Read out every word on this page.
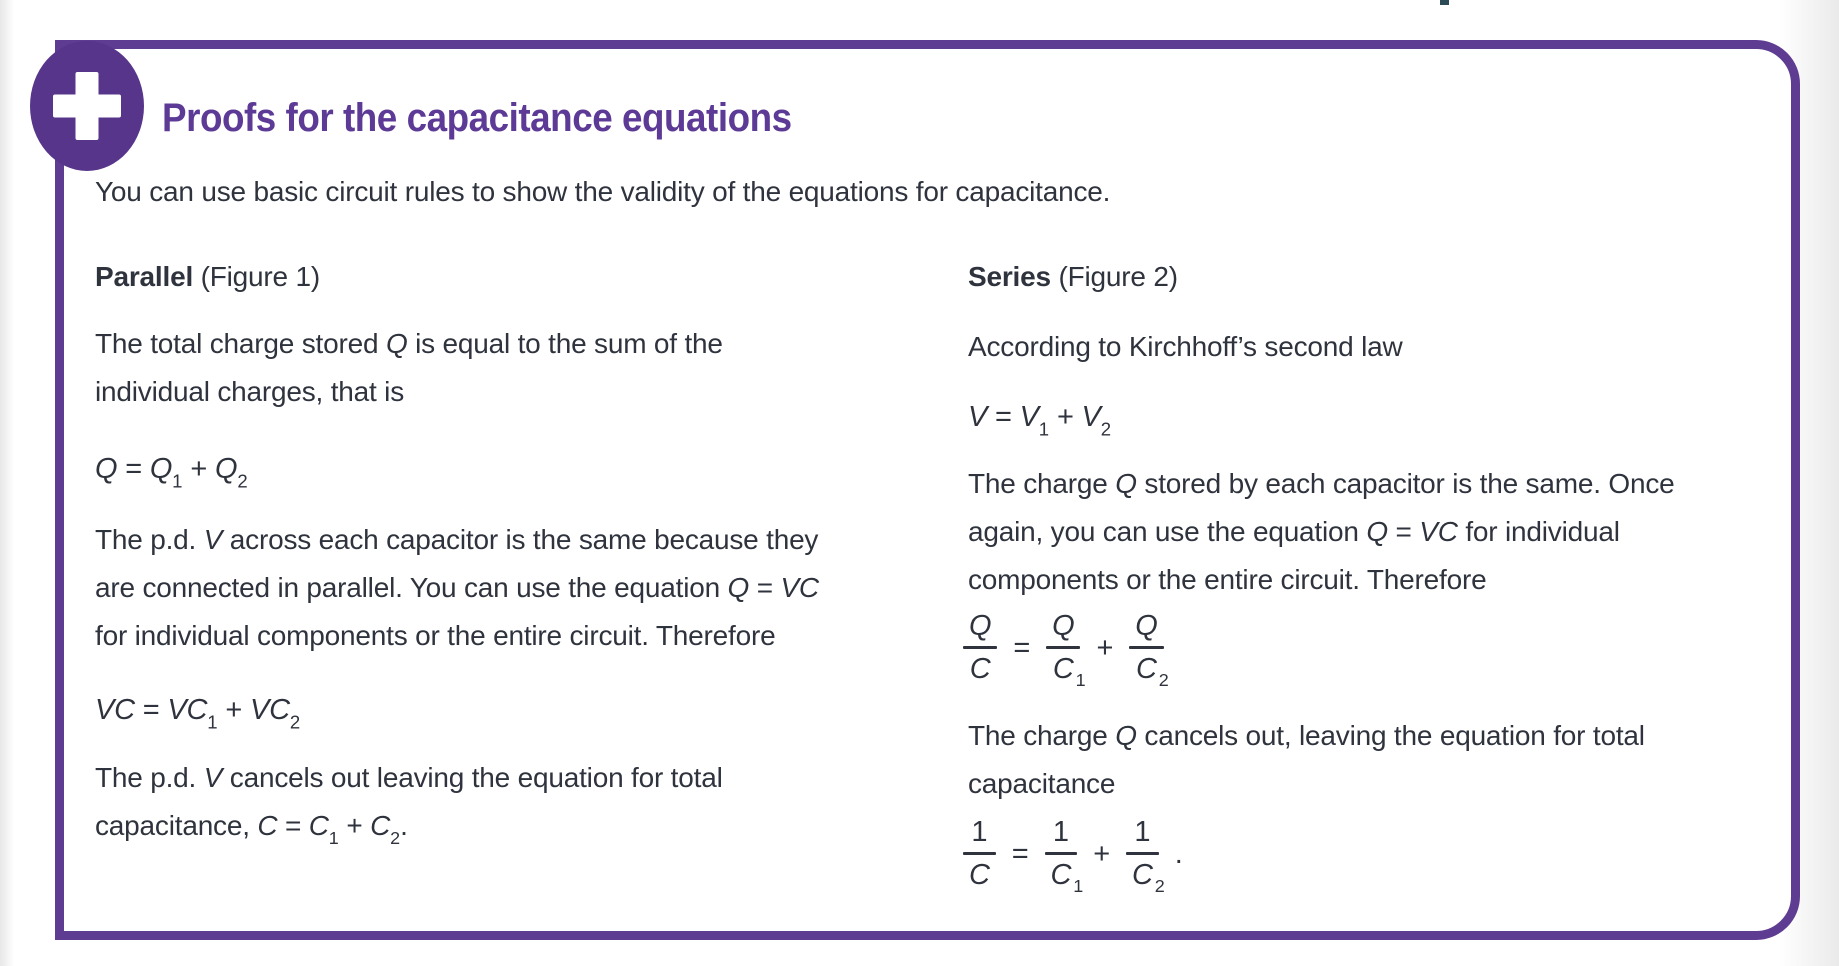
Proofs for the capacitance equations
You can use basic circuit rules to show the validity of the equations for capacitance.
Parallel (Figure 1)
The total charge stored Q is equal to the sum of the
individual charges, that is
$Q = Q_1 + Q_2$
The p.d. V across each capacitor is the same because they
are connected in parallel. You can use the equation Q = VC
for individual components or the entire circuit. Therefore
VC = $VC_1 + VC_2$
The p.d. V cancels out leaving the equation for total
capacitance, $C = C_1 + C_2$.
Series (Figure 2)
According to Kirchhoff’s second law
$V = V_1 + V_2$
The charge Q stored by each capacitor is the same. Once
again, you can use the equation Q = VC for individual
components or the entire circuit. Therefore
$\frac{Q}{C} = \frac{Q}{C 1} + \frac{Q}{C 2}$
The charge Q cancels out, leaving the equation for total
capacitance
$\frac{1}{C} = \frac{1}{C 1} + \frac{1}{C 2}$ .
